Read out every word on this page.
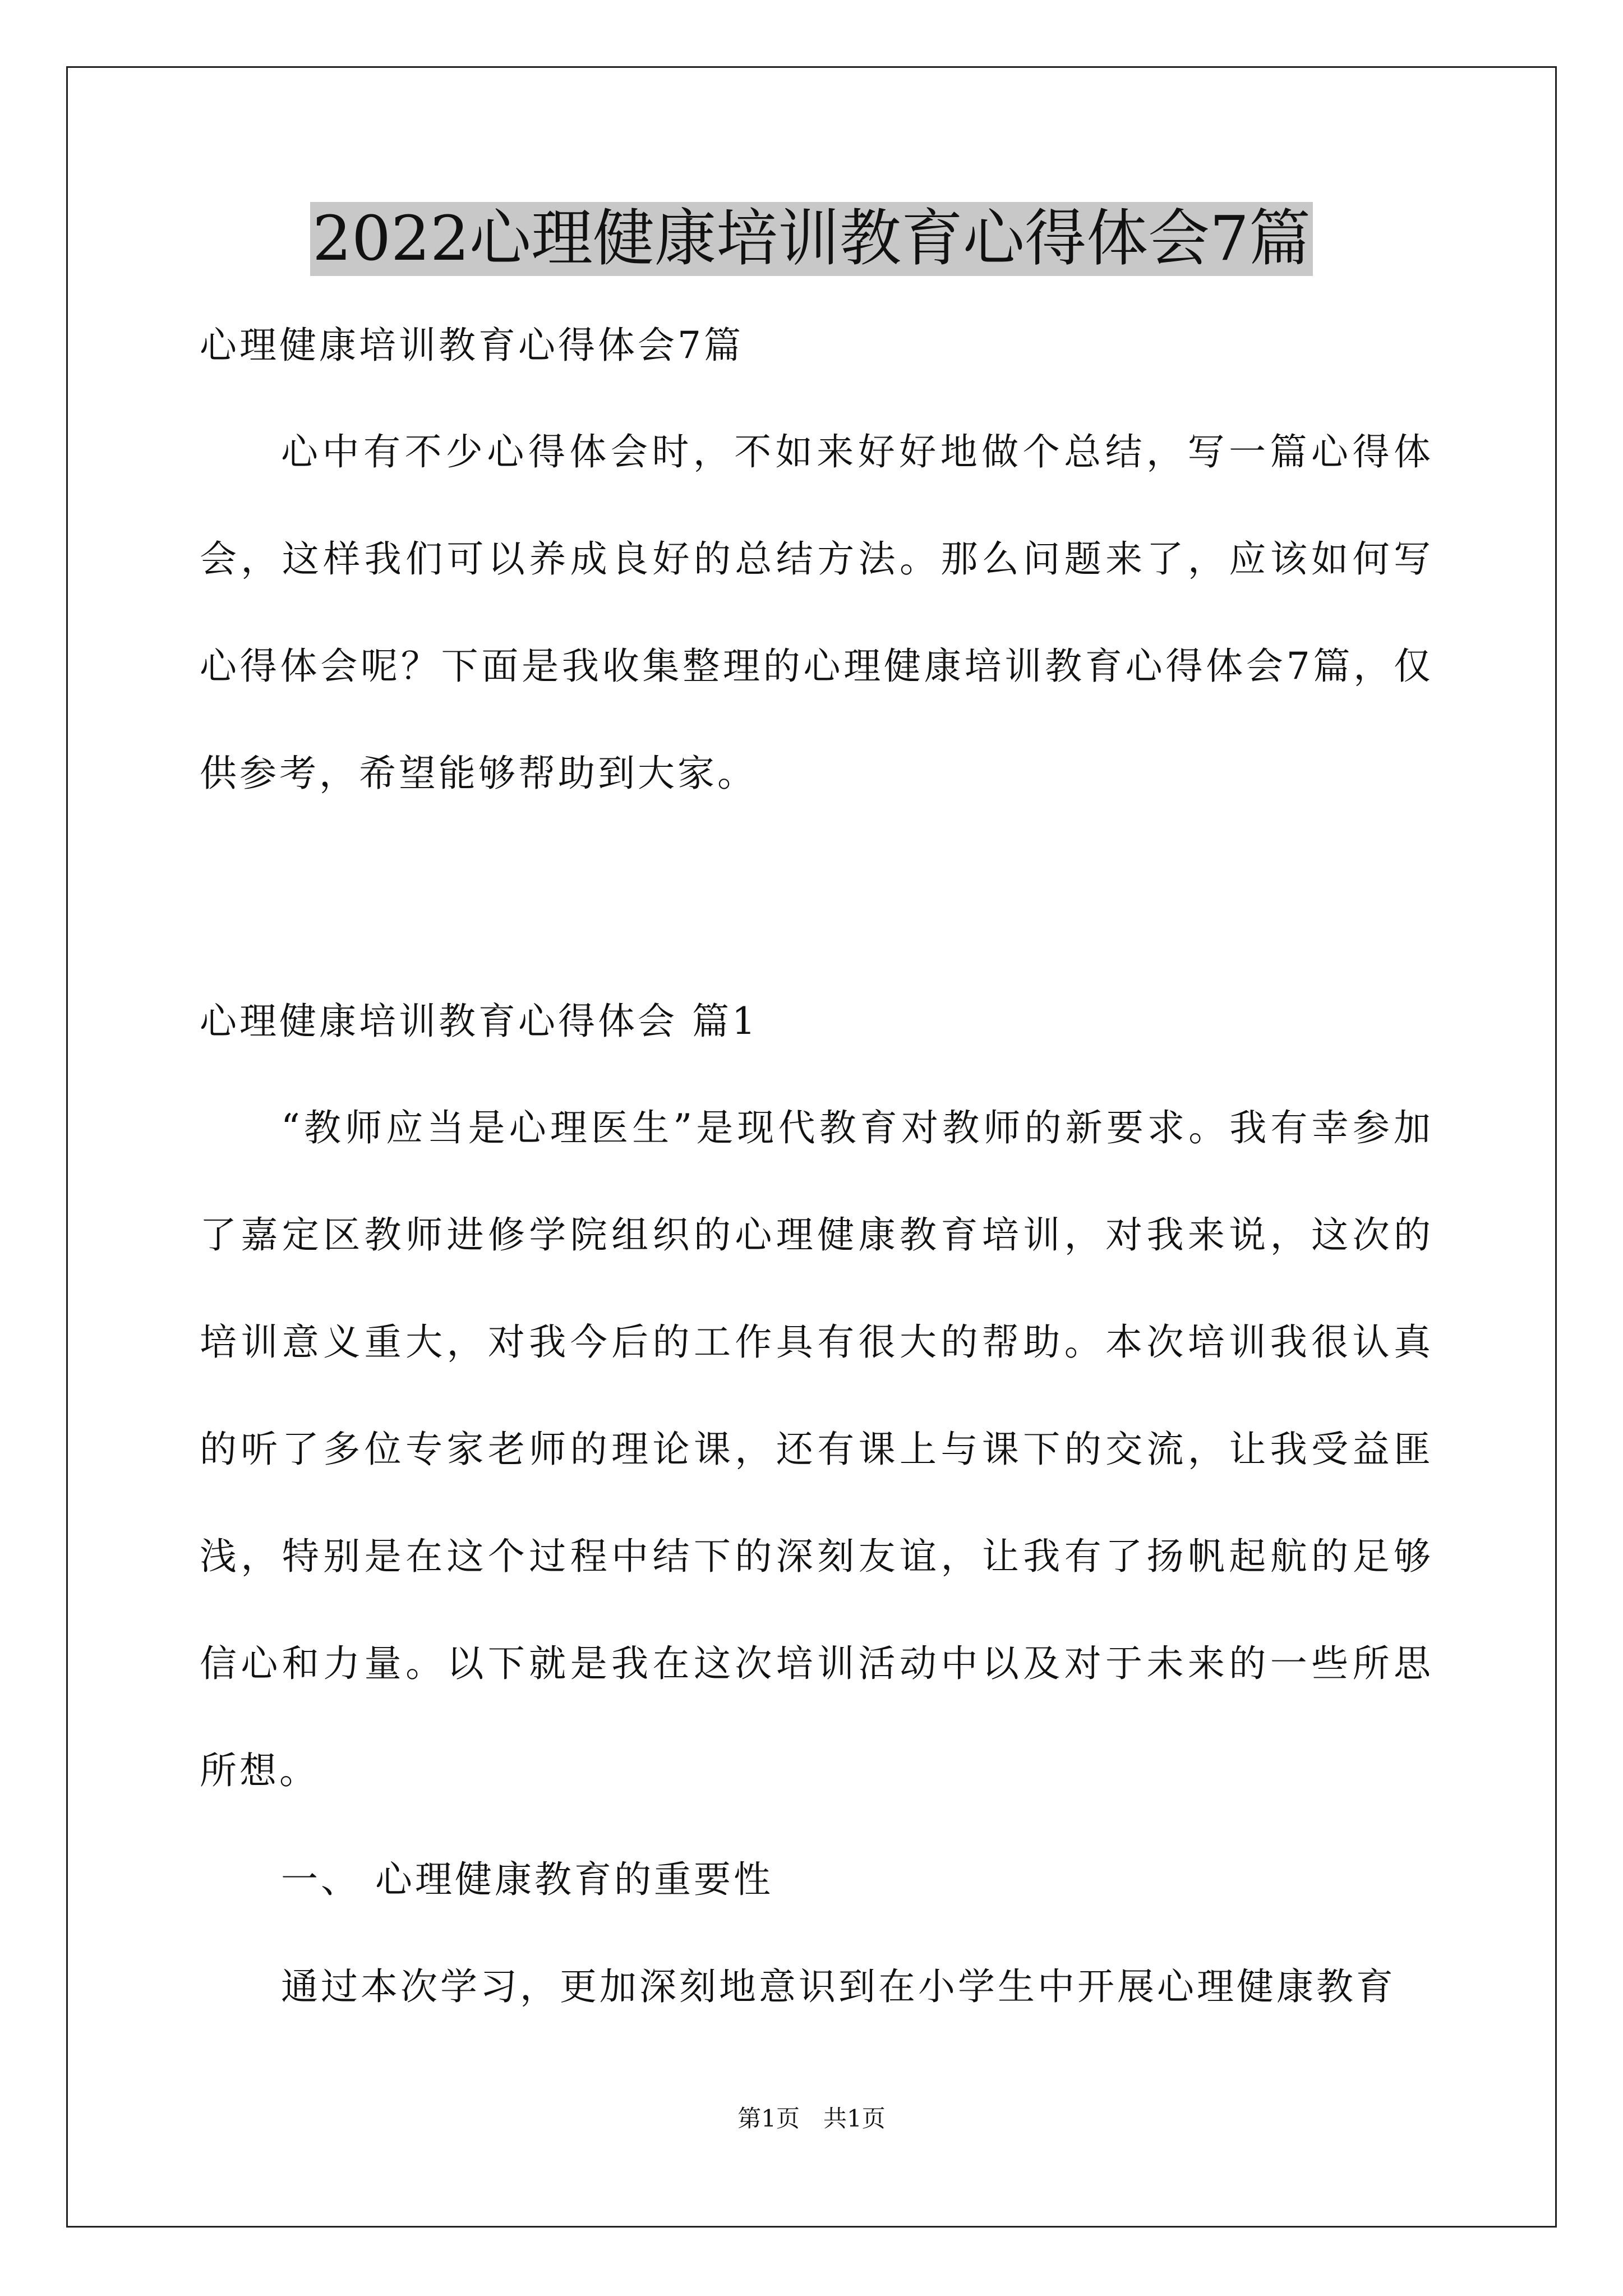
2022心理健康培训教育心得体会7篇

心理健康培训教育心得体会7篇

心中有不少心得体会时，不如来好好地做个总结，写一篇心得体会，这样我们可以养成良好的总结方法。那么问题来了，应该如何写心得体会呢？下面是我收集整理的心理健康培训教育心得体会7篇，仅供参考，希望能够帮助到大家。

心理健康培训教育心得体会 篇1

“教师应当是心理医生”是现代教育对教师的新要求。我有幸参加了嘉定区教师进修学院组织的心理健康教育培训，对我来说，这次的培训意义重大，对我今后的工作具有很大的帮助。本次培训我很认真的听了多位专家老师的理论课，还有课上与课下的交流，让我受益匪浅，特别是在这个过程中结下的深刻友谊，让我有了扬帆起航的足够信心和力量。以下就是我在这次培训活动中以及对于未来的一些所思所想。

一、 心理健康教育的重要性

通过本次学习，更加深刻地意识到在小学生中开展心理健康教育

第1页　共1页
